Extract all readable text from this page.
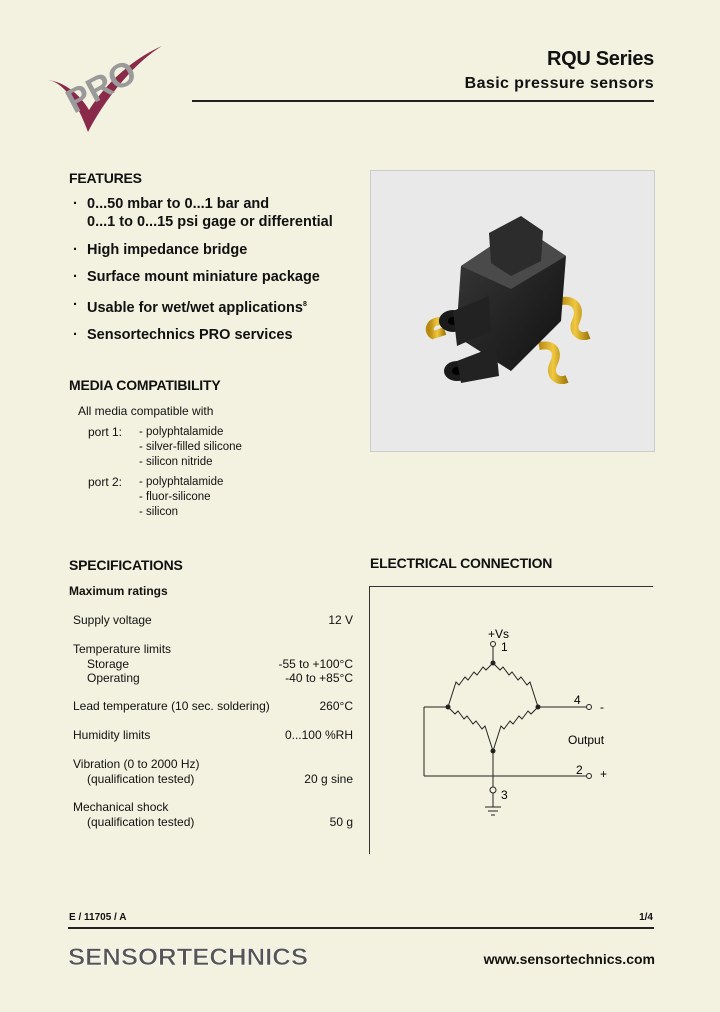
PRO	RQU Series
Basic pressure sensors
FEATURES
· 0...50 mbar to 0...1 bar and
0...1 to 0...15 psi gage or differential
· High impedance bridge
· Surface mount miniature package
· Usable for wet/wet applications$^8$
· Sensortechnics PRO services
MEDIA COMPATIBILITY
All media compatible with
port 1: - polyphtalamide
- silver-filled silicone
- silicon nitride
port 2: - polyphtalamide
- fluor-silicone
- silicon
SPECIFICATIONS
Maximum ratings
Supply voltage	12 V
Temperature limits
Storage	-55 to +100°C
Operating	-40 to +85°C
Lead temperature (10 sec. soldering)	260°C
Humidity limits	0...100 %RH
Vibration (0 to 2000 Hz)
(qualification tested)	20 g sine
Mechanical shock
(qualification tested)	50 g
ELECTRICAL CONNECTION
+Vs
1
4 -
Output
2 +
3
E / 11705 / A	1/4
SENSORTECHNICS	www.sensortechnics.com
